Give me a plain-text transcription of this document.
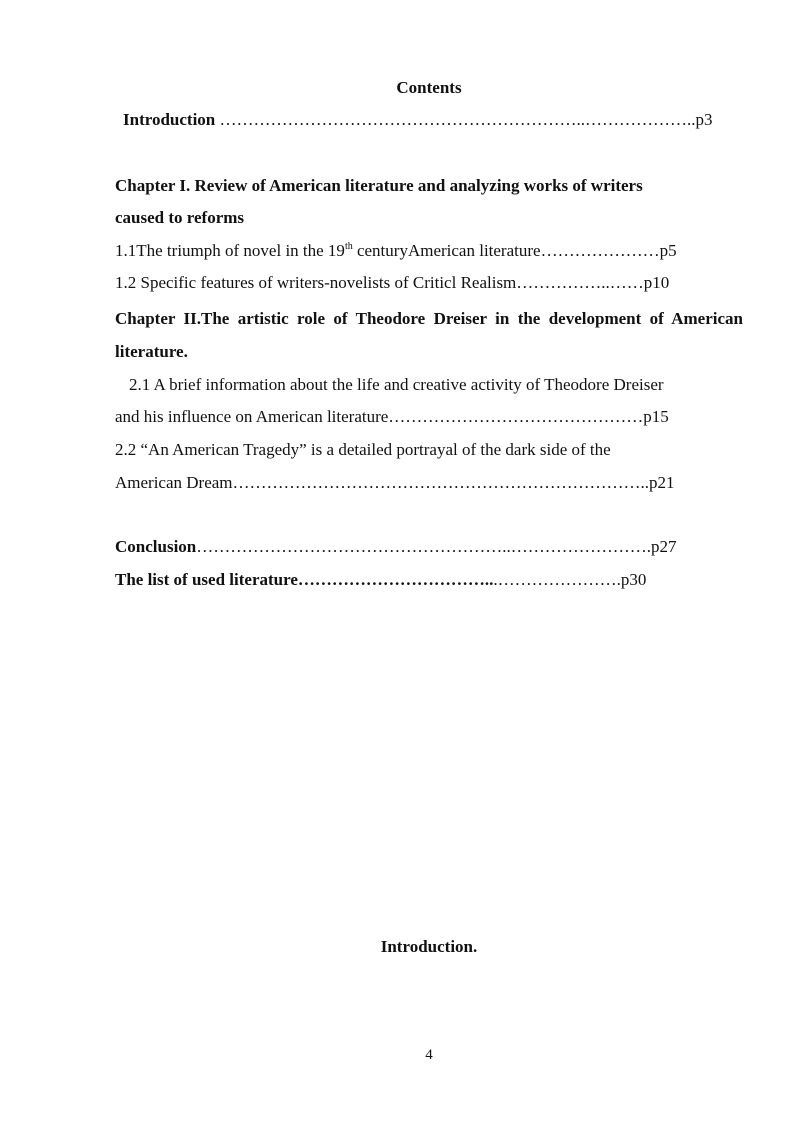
Contents
Introduction ………………………………………………………..………………..p3
Chapter I. Review of American literature and analyzing works of writers
caused to reforms
1.1The triumph of novel in the 19th centuryAmerican literature…………………p5
1.2 Specific features of writers-novelists of Criticl Realism……………..……p10
Chapter II.The artistic role of Theodore Dreiser in the development of American literature.
2.1 A brief information about the life and creative activity of Theodore Dreiser
and his influence on American literature………………………………………p15
2.2 “An American Tragedy” is a detailed portrayal of the dark side of the
American Dream………………………………………………………………..p21
Conclusion………………………………………………..…………………….p27
The list of used literature……………………………...………………….p30
Introduction.
4
